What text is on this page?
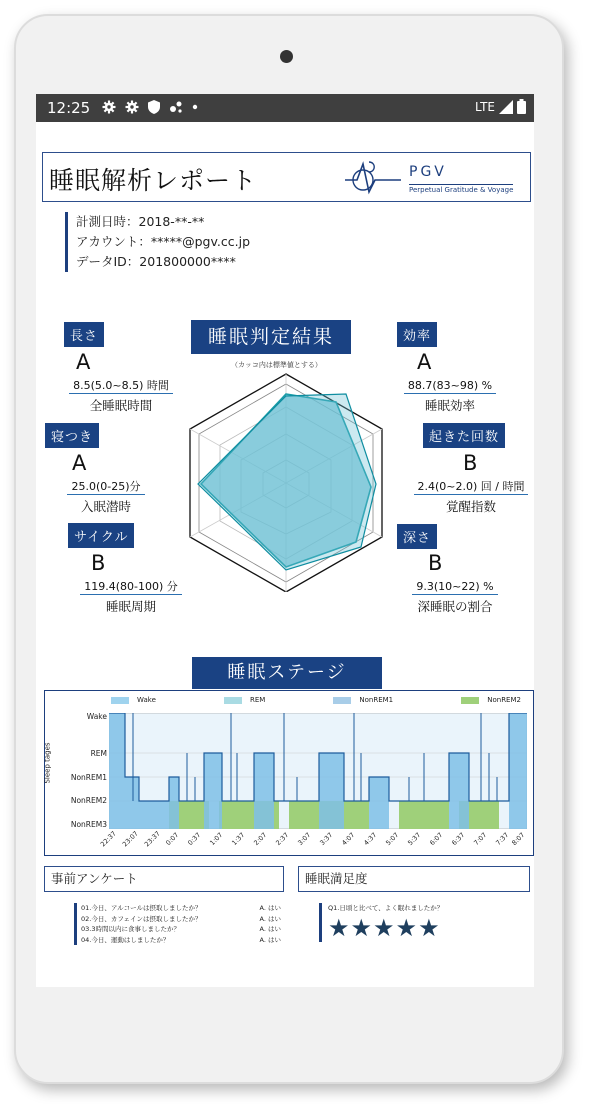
12:25	LTE
睡眠解析レポート	PGV
Perpetual Gratitude & Voyage
計測日時：2018-**-**
アカウント：*****@pgv.cc.jp
データID：201800000****
長さ
寝つき
サイクル
効率
起きた回数
深さ
A
8.5(5.0~8.5) 時間
全睡眠時間
A
25.0(0-25)分
入眠潜時
B
119.4(80-100) 分
睡眠周期
A
88.7(83~98) %
睡眠効率
B
2.4(0~2.0) 回 / 時間
覚醒指数
B
9.3(10~22) %
深睡眠の割合
睡眠判定結果
（カッコ内は標準値とする）
睡眠ステージ
Wake	REM	NonREM1	NonREM2
Sleep tages
Wake
REM
NonREM1
NonREM2
NonREM3
22:37 23:07 23:37 0:07 0:37 1:07 1:37 2:07 2:37 3:07 3:37 4:07 4:37 5:07 5:37 6:07 6:37 7:07 7:37 8:07
事前アンケート	睡眠満足度
01.今日、アルコールは摂取しましたか？	A. はい
02.今日、カフェインは摂取しましたか？	A. はい
03.3時間以内に食事しましたか？	A. はい
04.今日、運動はしましたか？	A. はい
Q1.日頃と比べて、よく眠れましたか？
★★★★★
